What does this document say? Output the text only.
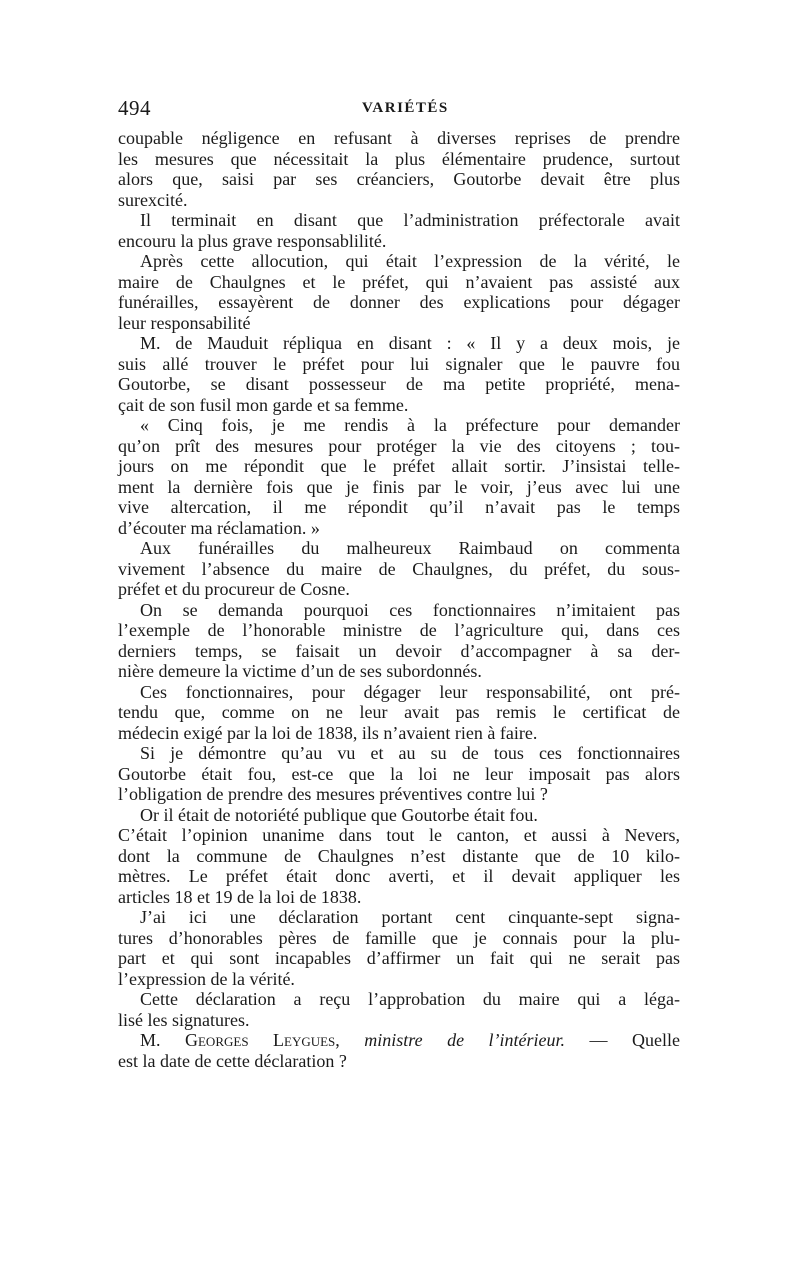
494	VARIÉTÉS
coupable négligence en refusant à diverses reprises de prendre
les mesures que nécessitait la plus élémentaire prudence, surtout
alors que, saisi par ses créanciers, Goutorbe devait être plus
surexcité.
Il terminait en disant que l’administration préfectorale avait
encouru la plus grave responsablilité.
Après cette allocution, qui était l’expression de la vérité, le
maire de Chaulgnes et le préfet, qui n’avaient pas assisté aux
funérailles, essayèrent de donner des explications pour dégager
leur responsabilité
M. de Mauduit répliqua en disant : « Il y a deux mois, je
suis allé trouver le préfet pour lui signaler que le pauvre fou
Goutorbe, se disant possesseur de ma petite propriété, mena-
çait de son fusil mon garde et sa femme.
« Cinq fois, je me rendis à la préfecture pour demander
qu’on prît des mesures pour protéger la vie des citoyens ; tou-
jours on me répondit que le préfet allait sortir. J’insistai telle-
ment la dernière fois que je finis par le voir, j’eus avec lui une
vive altercation, il me répondit qu’il n’avait pas le temps
d’écouter ma réclamation. »
Aux funérailles du malheureux Raimbaud on commenta
vivement l’absence du maire de Chaulgnes, du préfet, du sous-
préfet et du procureur de Cosne.
On se demanda pourquoi ces fonctionnaires n’imitaient pas
l’exemple de l’honorable ministre de l’agriculture qui, dans ces
derniers temps, se faisait un devoir d’accompagner à sa der-
nière demeure la victime d’un de ses subordonnés.
Ces fonctionnaires, pour dégager leur responsabilité, ont pré-
tendu que, comme on ne leur avait pas remis le certificat de
médecin exigé par la loi de 1838, ils n’avaient rien à faire.
Si je démontre qu’au vu et au su de tous ces fonctionnaires
Goutorbe était fou, est-ce que la loi ne leur imposait pas alors
l’obligation de prendre des mesures préventives contre lui ?
Or il était de notoriété publique que Goutorbe était fou.
C’était l’opinion unanime dans tout le canton, et aussi à Nevers,
dont la commune de Chaulgnes n’est distante que de 10 kilo-
mètres. Le préfet était donc averti, et il devait appliquer les
articles 18 et 19 de la loi de 1838.
J’ai ici une déclaration portant cent cinquante-sept signa-
tures d’honorables pères de famille que je connais pour la plu-
part et qui sont incapables d’affirmer un fait qui ne serait pas
l’expression de la vérité.
Cette déclaration a reçu l’approbation du maire qui a léga-
lisé les signatures.
M. Georges Leygues, ministre de l’intérieur. — Quelle
est la date de cette déclaration ?
